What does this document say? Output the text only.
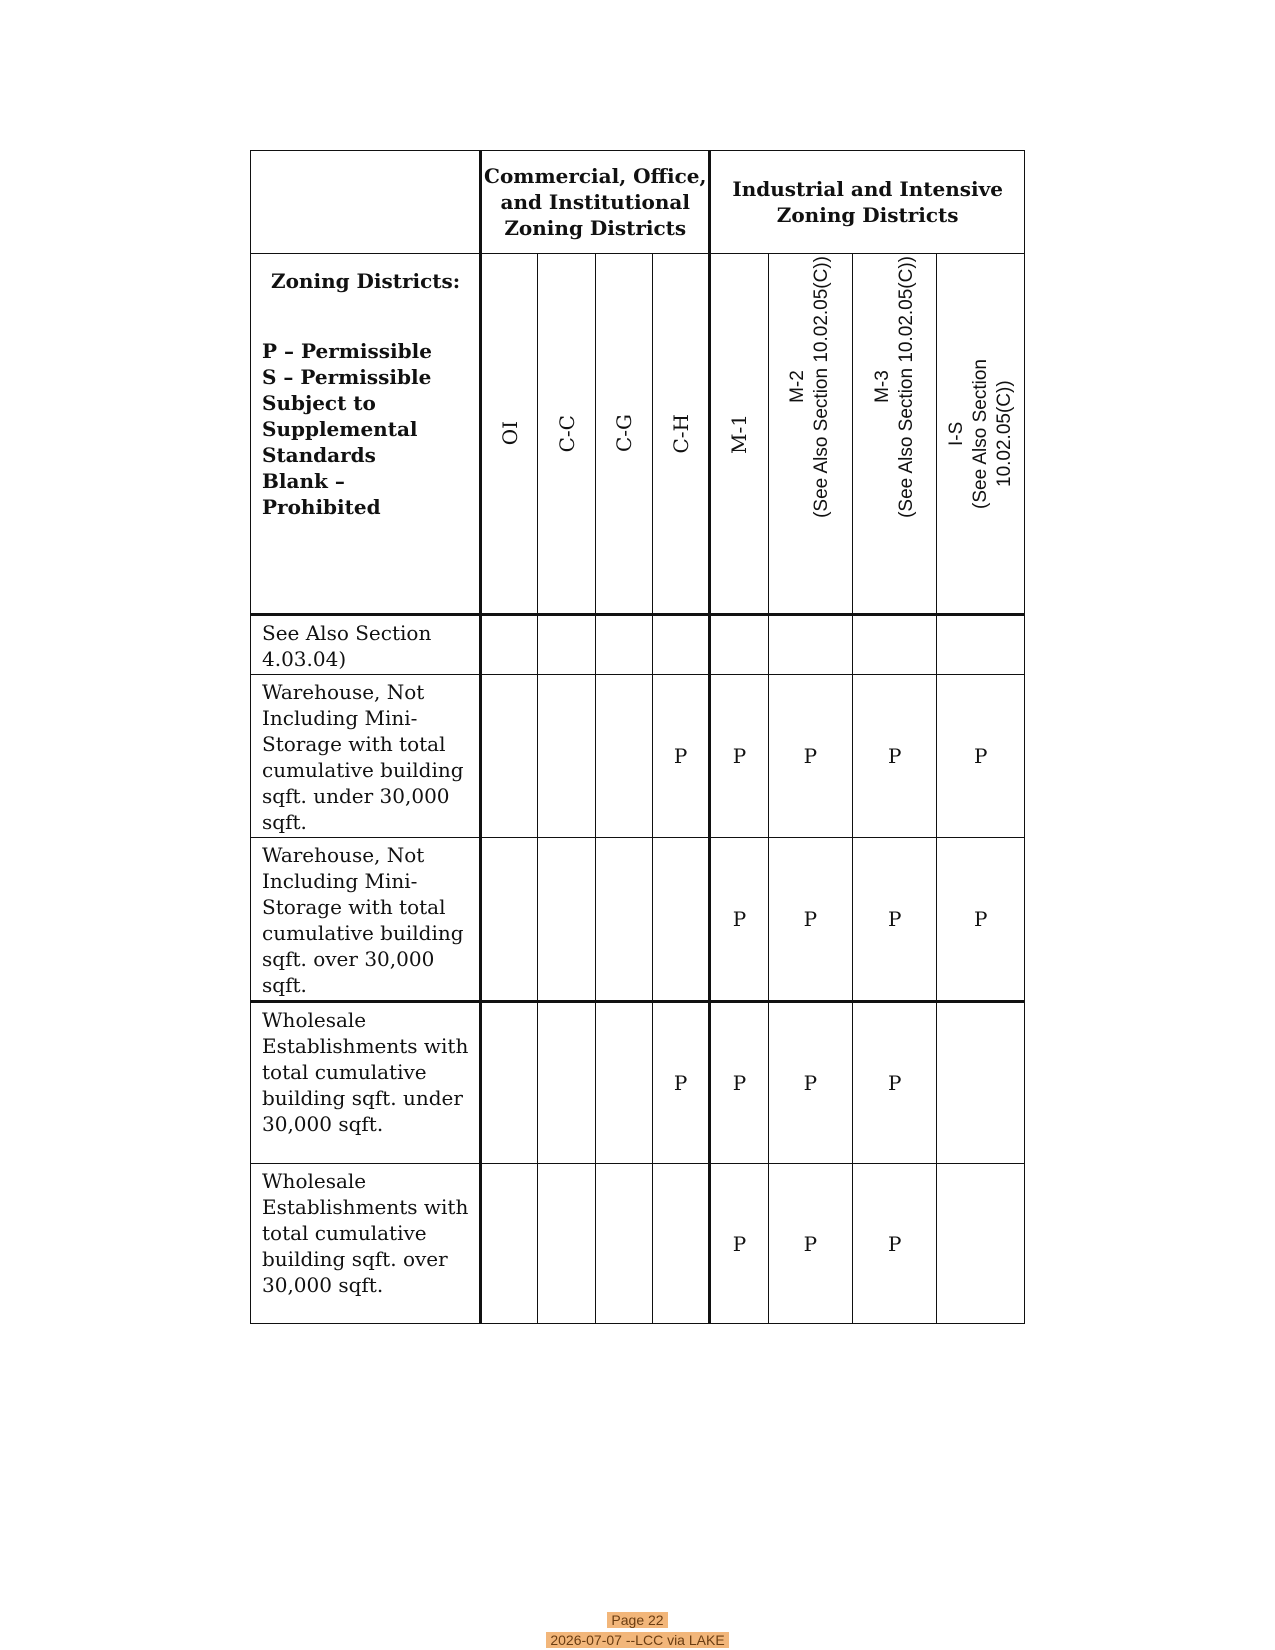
	Commercial, Office, and Institutional Zoning Districts				Industrial and Intensive Zoning Districts			

Zoning Districts:
P – Permissible
S – Permissible Subject to Supplemental Standards
Blank – Prohibited	OI	C-C	C-G	C-H	M-1	M-2 (See Also Section 10.02.05(C))	M-3 (See Also Section 10.02.05(C))	I-S (See Also Section 10.02.05(C))

See Also Section 4.03.04)								
Warehouse, Not Including Mini-Storage with total cumulative building sqft. under 30,000 sqft.				P	P	P	P	P
Warehouse, Not Including Mini-Storage with total cumulative building sqft. over 30,000 sqft.					P	P	P	P
Wholesale Establishments with total cumulative building sqft. under 30,000 sqft.				P	P	P	P	
Wholesale Establishments with total cumulative building sqft. over 30,000 sqft.					P	P	P	
Page 22
2026-07-07 --LCC via LAKE
